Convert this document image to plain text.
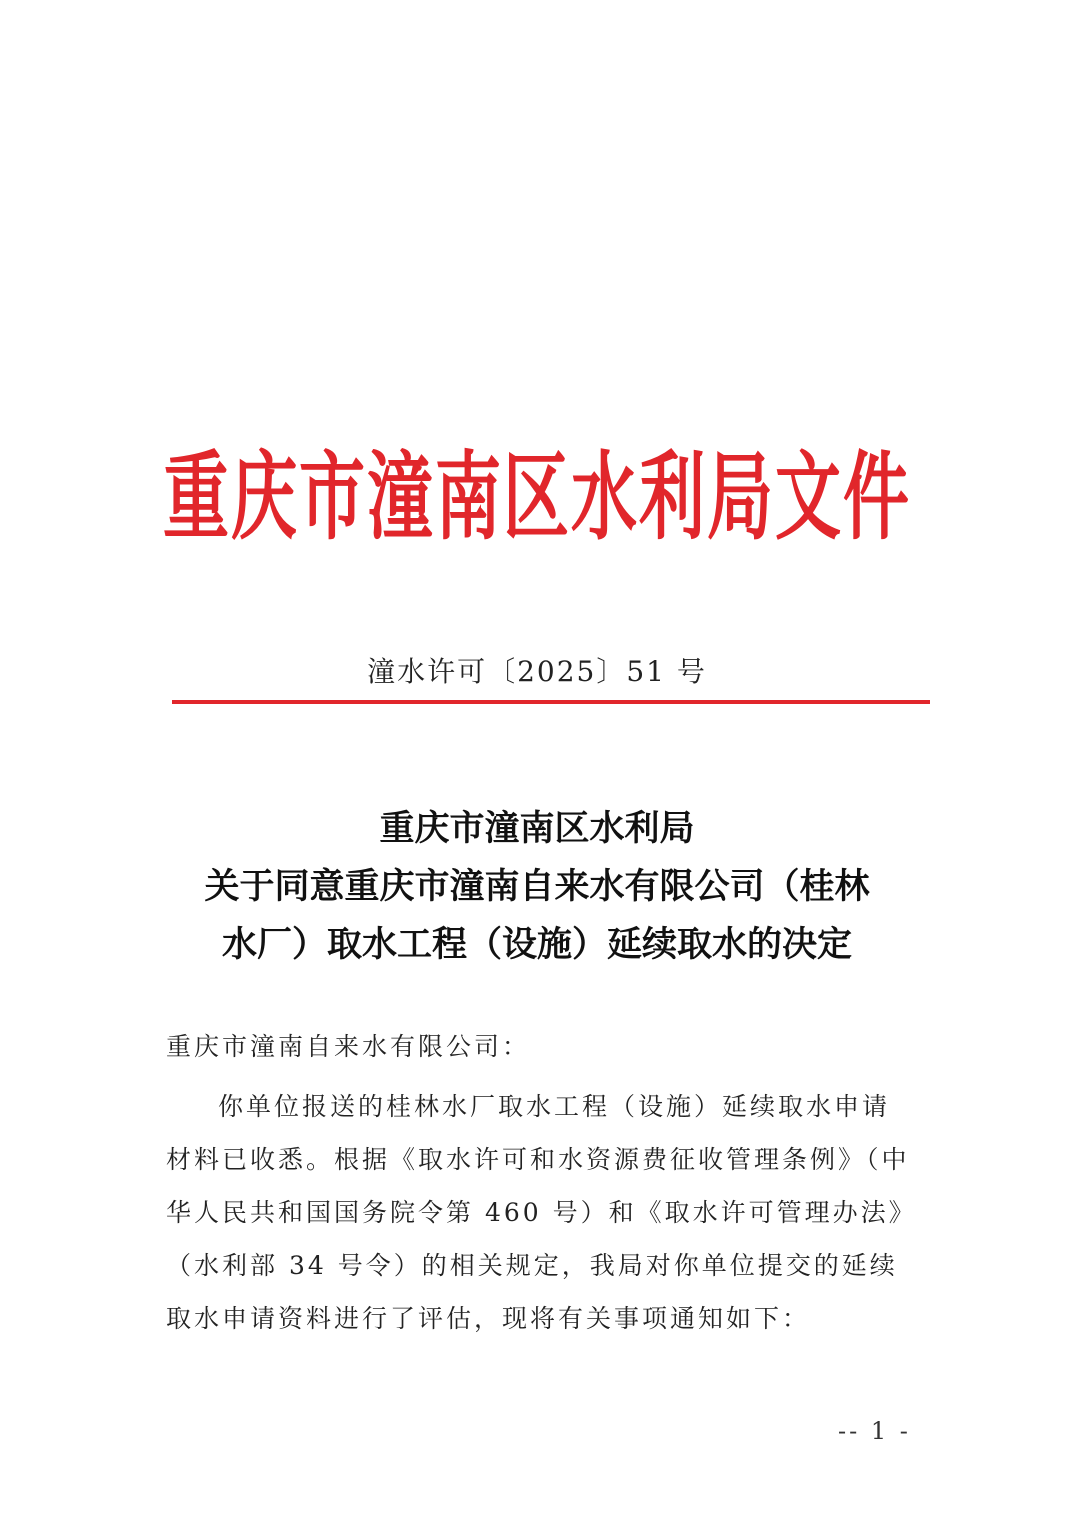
重庆市潼南区水利局文件
潼水许可〔2025〕51 号
重庆市潼南区水利局
关于同意重庆市潼南自来水有限公司（桂林
水厂）取水工程（设施）延续取水的决定
重庆市潼南自来水有限公司：
你单位报送的桂林水厂取水工程（设施）延续取水申请
材料已收悉。根据《取水许可和水资源费征收管理条例》（中
华人民共和国国务院令第 460 号）和《取水许可管理办法》
（水利部 34 号令）的相关规定，我局对你单位提交的延续
取水申请资料进行了评估，现将有关事项通知如下：
-- 1 -
